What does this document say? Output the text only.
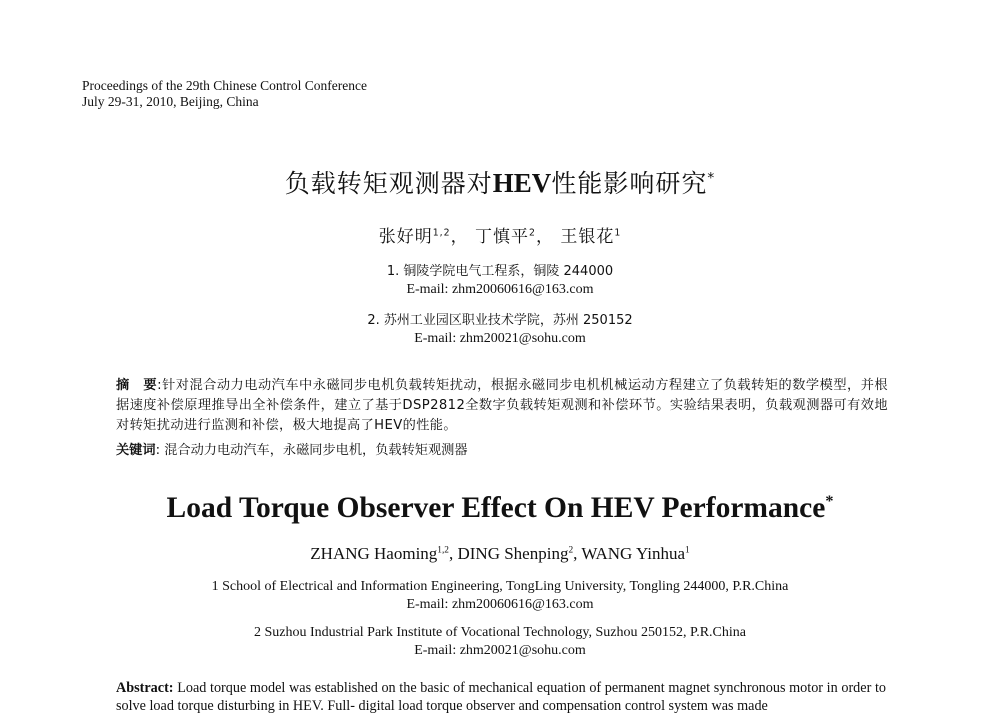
Proceedings of the 29th Chinese Control Conference
July 29-31, 2010, Beijing, China
负载转矩观测器对HEV性能影响研究*
张好明$^{1,2}$， 丁慎平$^2$， 王银花$^1$
1. 铜陵学院电气工程系，铜陵 244000
E-mail: zhm20060616@163.com
2. 苏州工业园区职业技术学院，苏州 250152
E-mail: zhm20021@sohu.com
摘　要:针对混合动力电动汽车中永磁同步电机负载转矩扰动，根据永磁同步电机机械运动方程建立了负载转矩的数学模型，并根据速度补偿原理推导出全补偿条件，建立了基于DSP2812全数字负载转矩观测和补偿环节。实验结果表明，负载观测器可有效地对转矩扰动进行监测和补偿，极大地提高了HEV的性能。
关键词: 混合动力电动汽车，永磁同步电机，负载转矩观测器
Load Torque Observer Effect On HEV Performance*
ZHANG Haoming$^{1,2}$, DING Shenping$^2$, WANG Yinhua$^1$
1 School of Electrical and Information Engineering, TongLing University, Tongling 244000, P.R.China
E-mail: zhm20060616@163.com
2 Suzhou Industrial Park Institute of Vocational Technology, Suzhou 250152, P.R.China
E-mail: zhm20021@sohu.com
Abstract: Load torque model was established on the basic of mechanical equation of permanent magnet synchronous motor in order to solve load torque disturbing in HEV. Full- digital load torque observer and compensation control system was made
